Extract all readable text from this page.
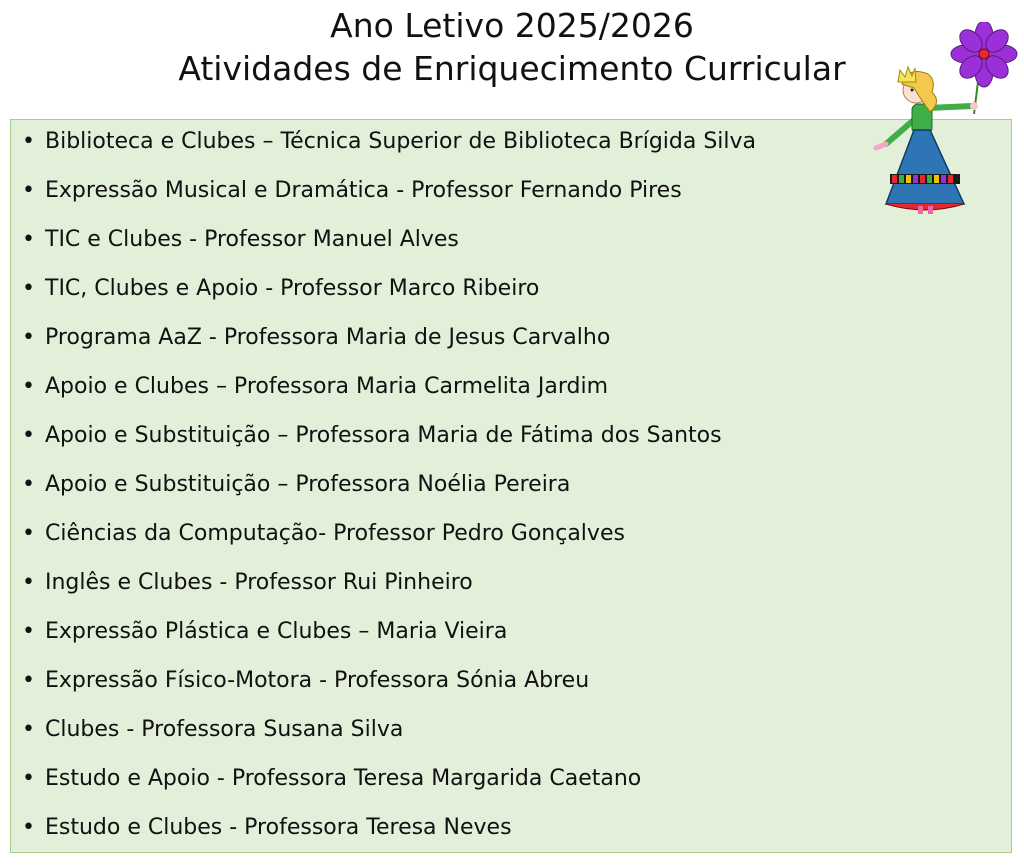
Ano Letivo 2025/2026
Atividades de Enriquecimento Curricular
• Biblioteca e Clubes – Técnica Superior de Biblioteca Brígida Silva
• Expressão Musical e Dramática - Professor Fernando Pires
• TIC e Clubes - Professor Manuel Alves
• TIC, Clubes e Apoio - Professor Marco Ribeiro
• Programa AaZ - Professora Maria de Jesus Carvalho
• Apoio e Clubes – Professora Maria Carmelita Jardim
• Apoio e Substituição – Professora Maria de Fátima dos Santos
• Apoio e Substituição – Professora Noélia Pereira
• Ciências da Computação- Professor Pedro Gonçalves
• Inglês e Clubes - Professor Rui Pinheiro
• Expressão Plástica e Clubes – Maria Vieira
• Expressão Físico-Motora - Professora Sónia Abreu
• Clubes - Professora Susana Silva
• Estudo e Apoio - Professora Teresa Margarida Caetano
• Estudo e Clubes - Professora Teresa Neves
